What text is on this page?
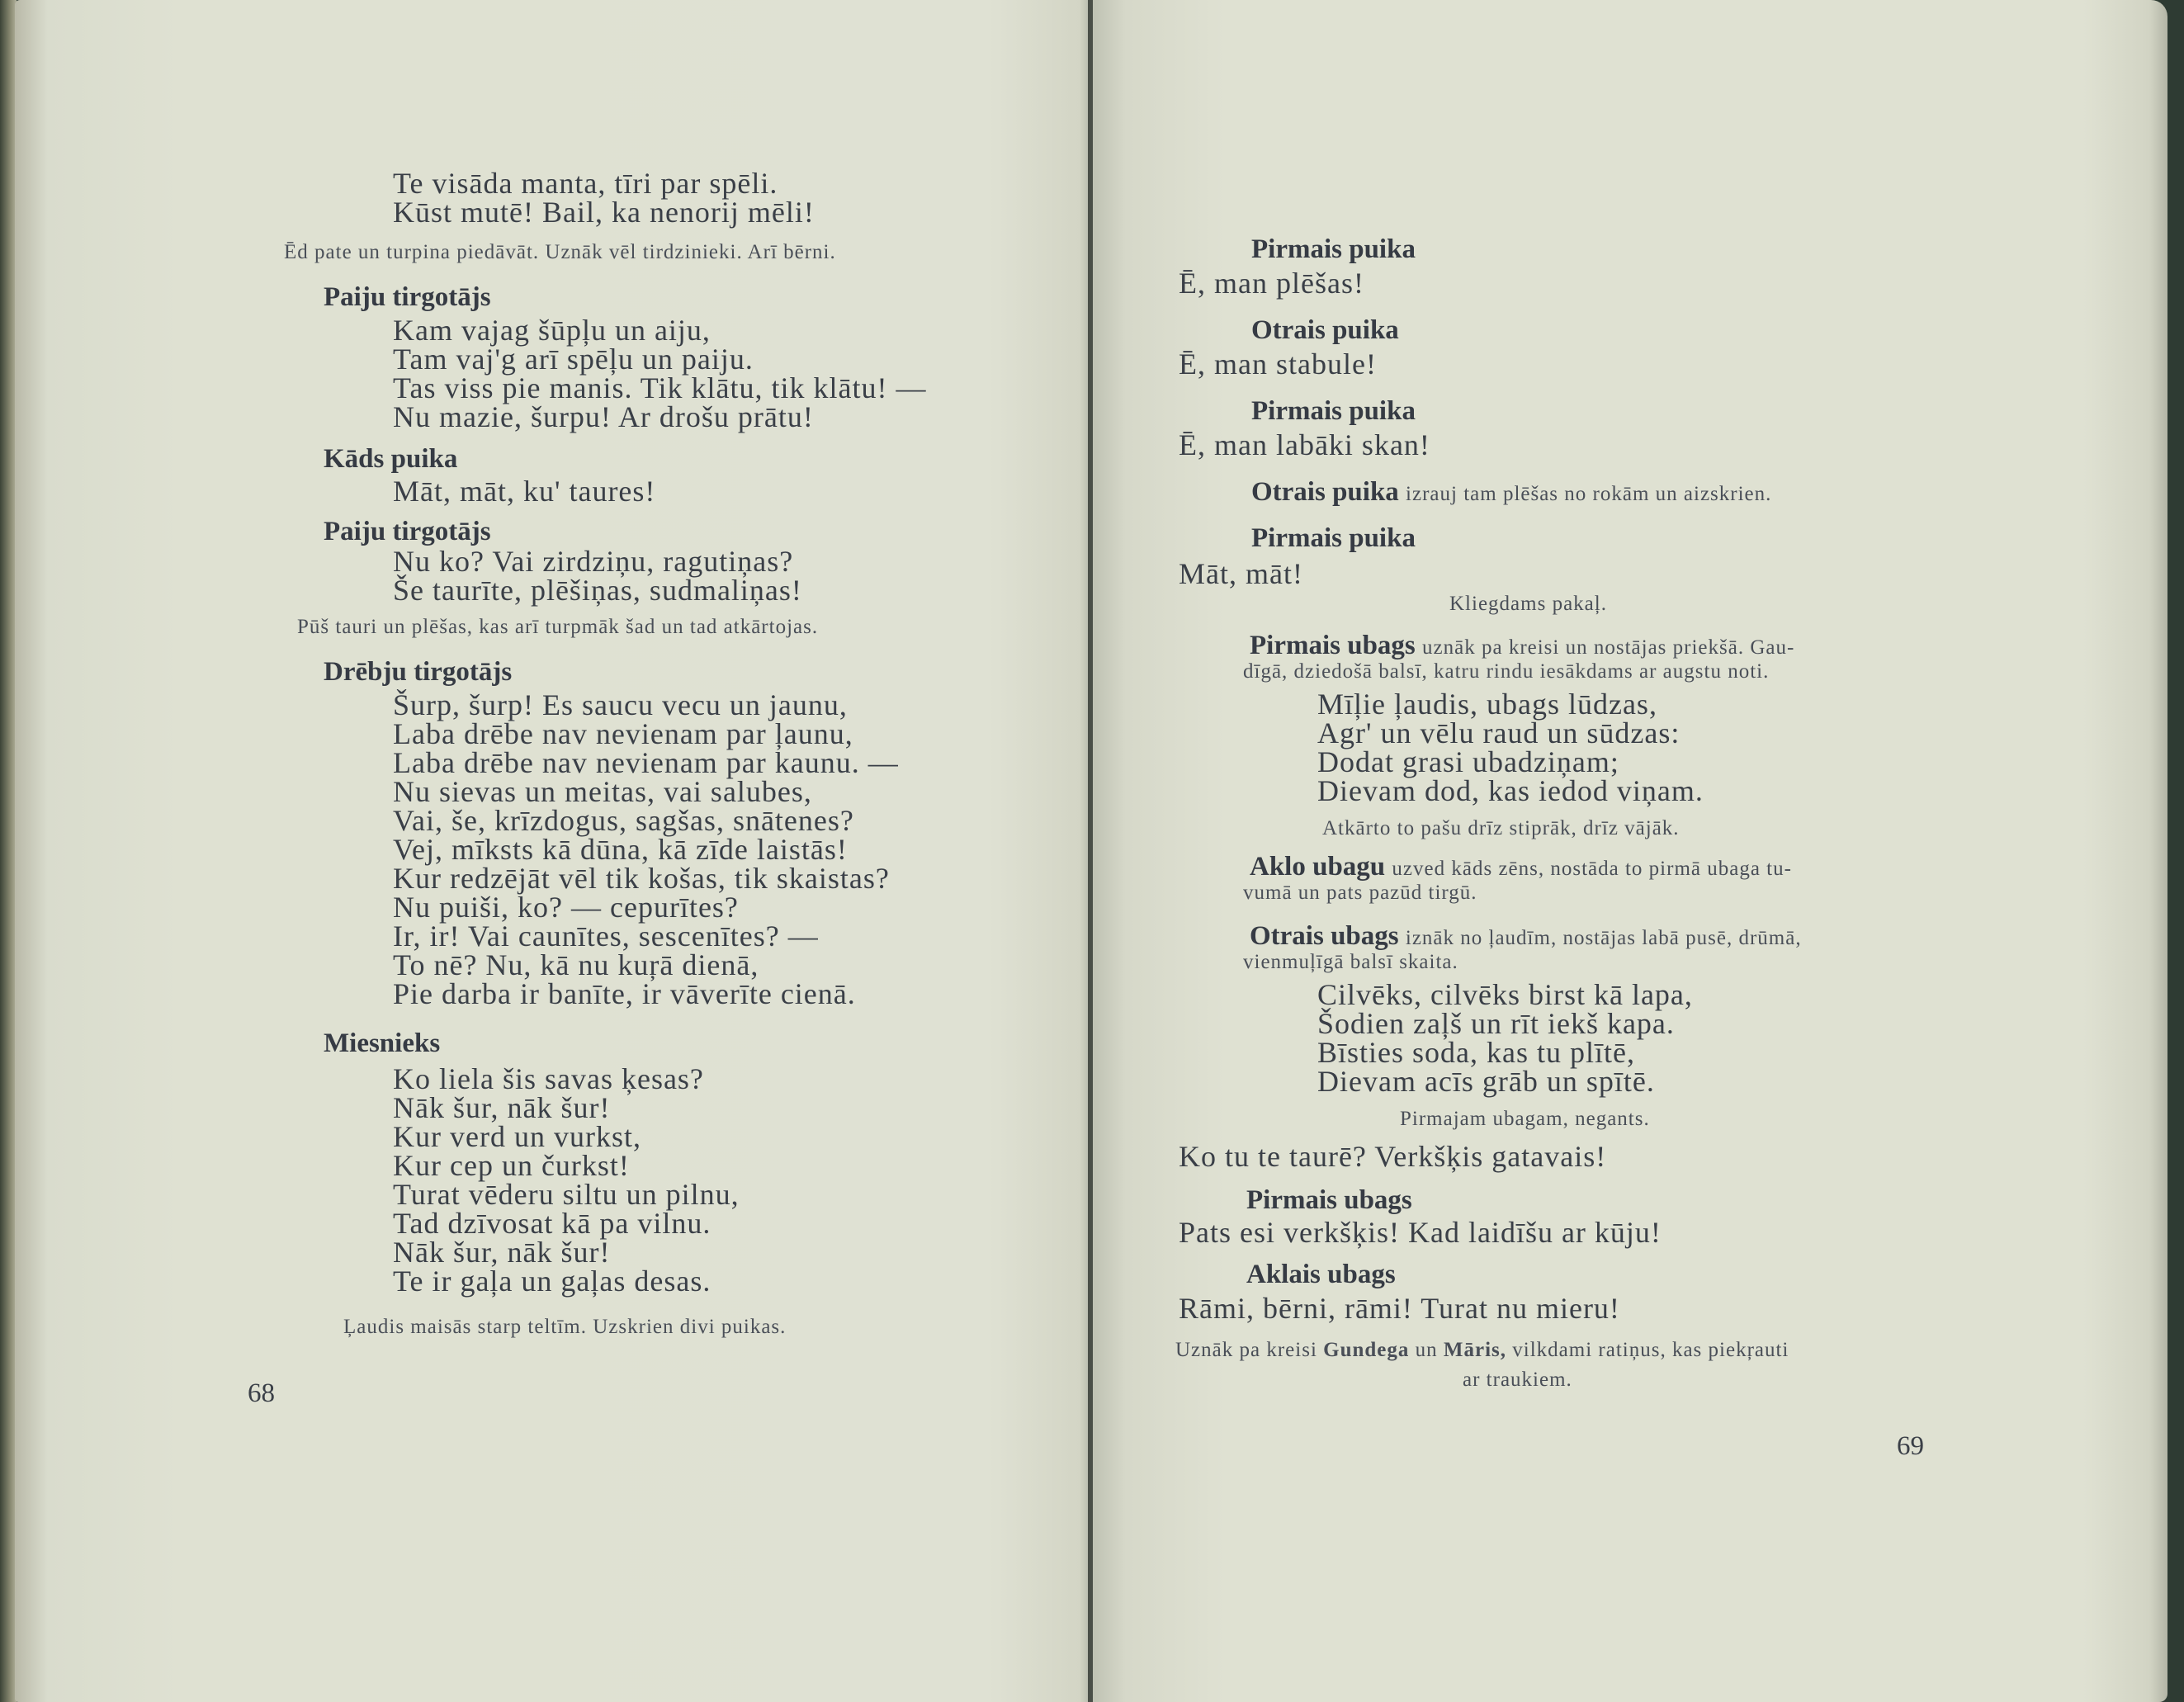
Te visāda manta, tīri par spēli.
Kūst mutē! Bail, ka nenorij mēli!
Ēd pate un turpina piedāvāt. Uznāk vēl tirdzinieki. Arī bērni.
Paiju tirgotājs
Kam vajag šūpļu un aiju,
Tam vaj'g arī spēļu un paiju.
Tas viss pie manis. Tik klātu, tik klātu! —
Nu mazie, šurpu! Ar drošu prātu!
Kāds puika
Māt, māt, ku' taures!
Paiju tirgotājs
Nu ko? Vai zirdziņu, ragutiņas?
Še taurīte, plēšiņas, sudmaliņas!
Pūš tauri un plēšas, kas arī turpmāk šad un tad atkārtojas.
Drēbju tirgotājs
Šurp, šurp! Es saucu vecu un jaunu,
Laba drēbe nav nevienam par ļaunu,
Laba drēbe nav nevienam par kaunu. —
Nu sievas un meitas, vai salubes,
Vai, še, krīzdogus, sagšas, snātenes?
Vej, mīksts kā dūna, kā zīde laistās!
Kur redzējāt vēl tik košas, tik skaistas?
Nu puiši, ko? — cepurītes?
Ir, ir! Vai caunītes, sescenītes? —
To nē? Nu, kā nu kuŗā dienā,
Pie darba ir banīte, ir vāverīte cienā.
Miesnieks
Ko liela šis savas ķesas?
Nāk šur, nāk šur!
Kur verd un vurkst,
Kur cep un čurkst!
Turat vēderu siltu un pilnu,
Tad dzīvosat kā pa vilnu.
Nāk šur, nāk šur!
Te ir gaļa un gaļas desas.
Ļaudis maisās starp teltīm. Uzskrien divi puikas.
68
Pirmais puika
Ē, man plēšas!
Otrais puika
Ē, man stabule!
Pirmais puika
Ē, man labāki skan!
Otrais puika izrauj tam plēšas no rokām un aizskrien.
Pirmais puika
Māt, māt!
Kliegdams pakaļ.
Pirmais ubags uznāk pa kreisi un nostājas priekšā. Gau-
dīgā, dziedošā balsī, katru rindu iesākdams ar augstu noti.
Mīļie ļaudis, ubags lūdzas,
Agr' un vēlu raud un sūdzas:
Dodat grasi ubadziņam;
Dievam dod, kas iedod viņam.
Atkārto to pašu drīz stiprāk, drīz vājāk.
Aklo ubagu uzved kāds zēns, nostāda to pirmā ubaga tu-
vumā un pats pazūd tirgū.
Otrais ubags iznāk no ļaudīm, nostājas labā pusē, drūmā,
vienmuļīgā balsī skaita.
Cilvēks, cilvēks birst kā lapa,
Šodien zaļš un rīt iekš kapa.
Bīsties soda, kas tu plītē,
Dievam acīs grāb un spītē.
Pirmajam ubagam, negants.
Ko tu te taurē? Verkšķis gatavais!
Pirmais ubags
Pats esi verkšķis! Kad laidīšu ar kūju!
Aklais ubags
Rāmi, bērni, rāmi! Turat nu mieru!
Uznāk pa kreisi Gundega un Māris, vilkdami ratiņus, kas piekŗauti
ar traukiem.
69
